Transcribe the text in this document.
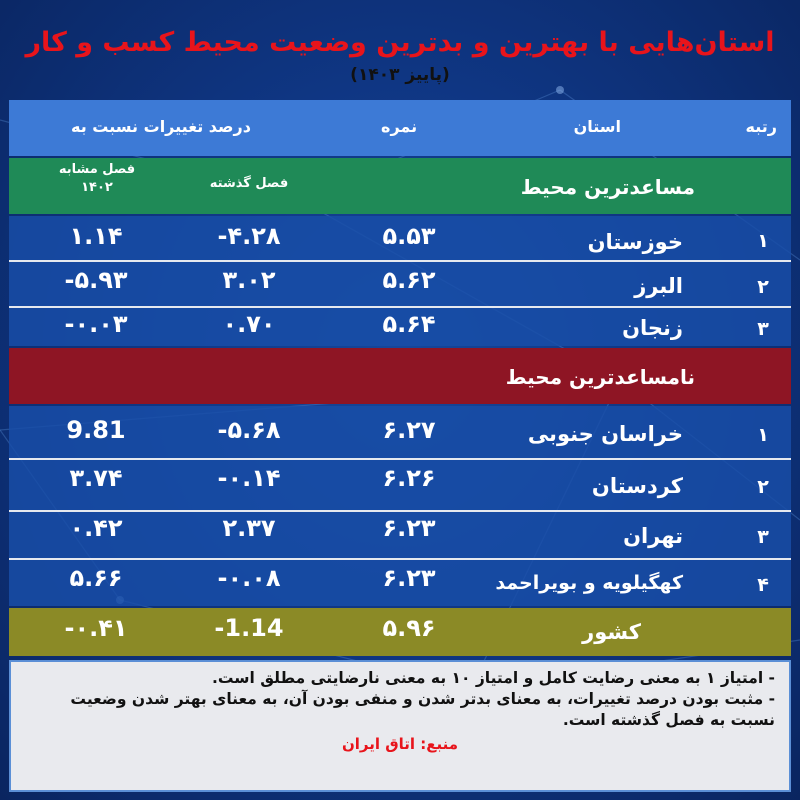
استان‌هایی با بهترین و بدترین وضعیت محیط کسب و کار
(پاییز ۱۴۰۳)
رتبه
استان
نمره
درصد تغییرات نسبت به
مساعدترین محیط
فصل گذشته
فصل مشابه ۱۴۰۲
۱
خوزستان
۵.۵۳
-۴.۲۸
۱.۱۴
۲
البرز
۵.۶۲
۳.۰۲
-۵.۹۳
۳
زنجان
۵.۶۴
۰.۷۰
-۰.۰۳
نامساعدترین محیط
۱
خراسان جنوبی
۶.۲۷
-۵.۶۸
9.81
۲
کردستان
۶.۲۶
-۰.۱۴
۳.۷۴
۳
تهران
۶.۲۳
۲.۳۷
۰.۴۲
۴
کهگیلویه و بویراحمد
۶.۲۳
-۰.۰۸
۵.۶۶
کشور
۵.۹۶
-1.14
-۰.۴۱
- امتیاز ۱ به معنی رضایت کامل و امتیاز ۱۰ به معنی نارضایتی مطلق است.
- مثبت بودن درصد تغییرات، به معنای بدتر شدن و منفی بودن آن، به معنای بهتر شدن وضعیت نسبت به فصل گذشته است.
منبع: اتاق ایران
